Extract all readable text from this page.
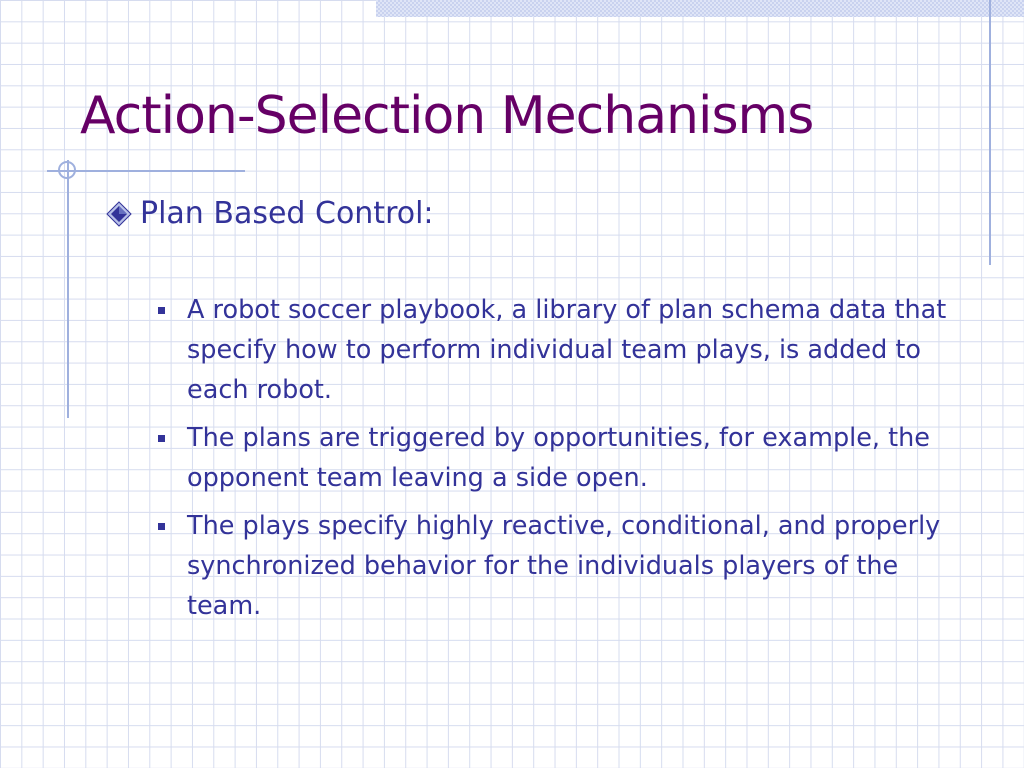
Action-Selection Mechanisms
Plan Based Control:
A robot soccer playbook, a library of plan schema data that specify how to perform individual team plays, is added to each robot.
The plans are triggered by opportunities, for example, the opponent team leaving a side open.
The plays specify highly reactive, conditional, and properly synchronized behavior for the individuals players of the team.
